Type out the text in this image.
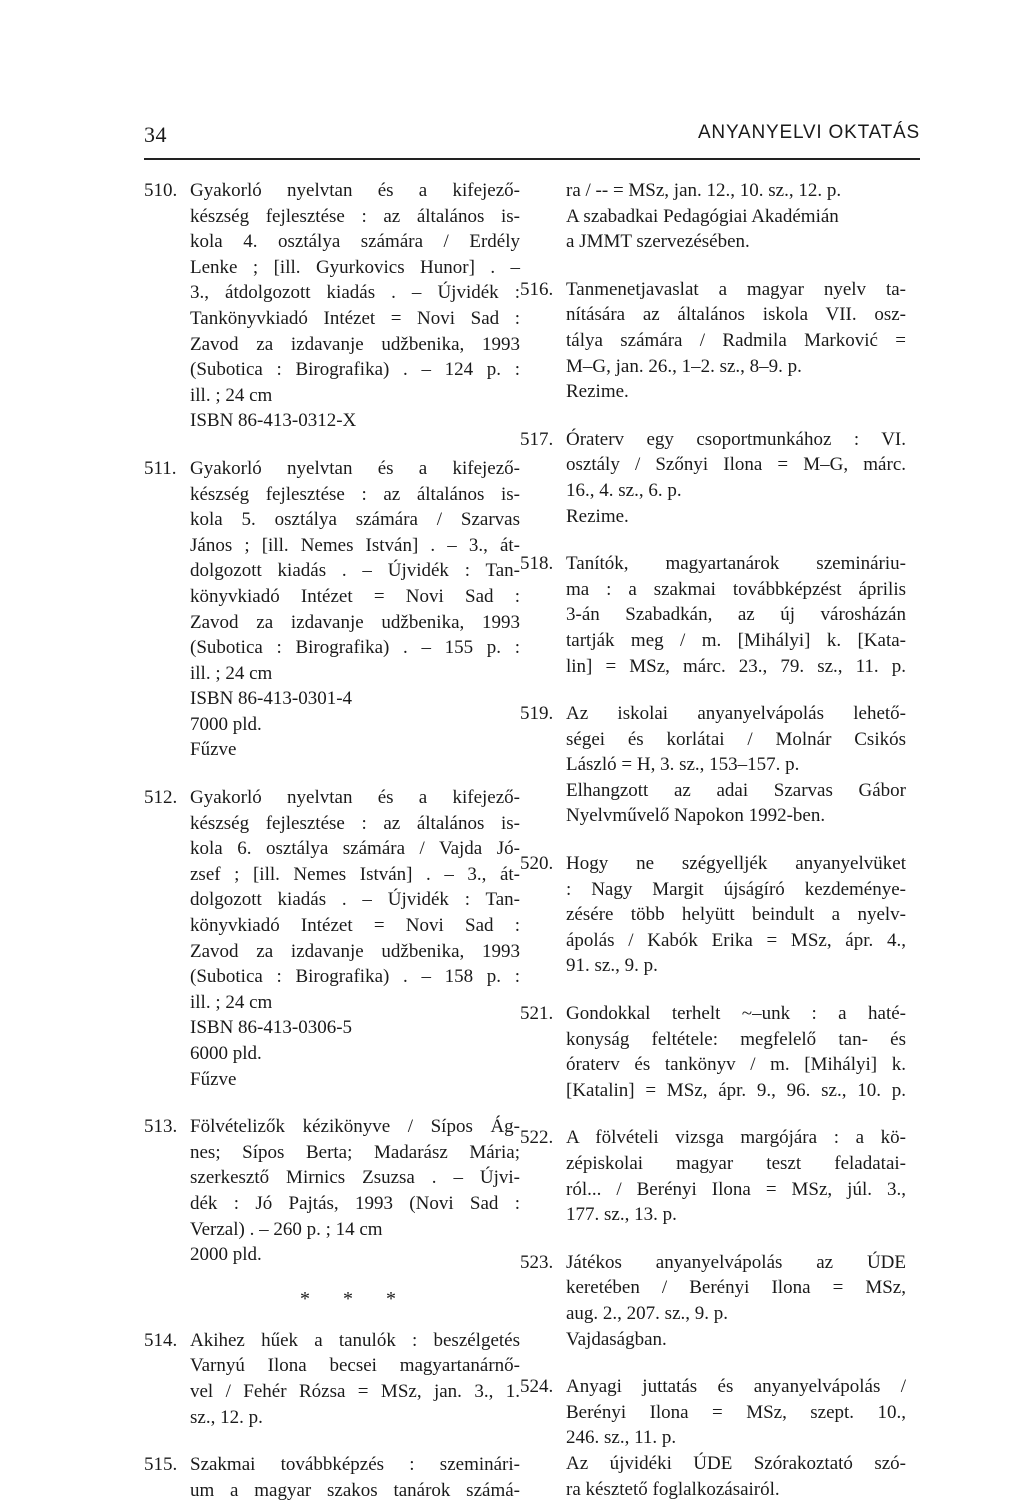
34	ANYANYELVI OKTATÁS
510. Gyakorló nyelvtan és a kifejező-
készség fejlesztése : az általános is-
kola 4. osztálya számára / Erdély
Lenke ; [ill. Gyurkovics Hunor] . –
3., átdolgozott kiadás . – Újvidék :
Tankönyvkiadó Intézet = Novi Sad :
Zavod za izdavanje udžbenika, 1993
(Subotica : Birografika) . – 124 p. :
ill. ; 24 cm
ISBN 86-413-0312-X
511. Gyakorló nyelvtan és a kifejező-
készség fejlesztése : az általános is-
kola 5. osztálya számára / Szarvas
János ; [ill. Nemes István] . – 3., át-
dolgozott kiadás . – Újvidék : Tan-
könyvkiadó Intézet = Novi Sad :
Zavod za izdavanje udžbenika, 1993
(Subotica : Birografika) . – 155 p. :
ill. ; 24 cm
ISBN 86-413-0301-4
7000 pld.
Fűzve
512. Gyakorló nyelvtan és a kifejező-
készség fejlesztése : az általános is-
kola 6. osztálya számára / Vajda Jó-
zsef ; [ill. Nemes István] . – 3., át-
dolgozott kiadás . – Újvidék : Tan-
könyvkiadó Intézet = Novi Sad :
Zavod za izdavanje udžbenika, 1993
(Subotica : Birografika) . – 158 p. :
ill. ; 24 cm
ISBN 86-413-0306-5
6000 pld.
Fűzve
513. Fölvételizők kézikönyve / Sípos Ág-
nes; Sípos Berta; Madarász Mária;
szerkesztő Mirnics Zsuzsa . – Újvi-
dék : Jó Pajtás, 1993 (Novi Sad :
Verzal) . – 260 p. ; 14 cm
2000 pld.
* * *
514. Akihez hűek a tanulók : beszélgetés
Varnyú Ilona becsei magyartanárnő-
vel / Fehér Rózsa = MSz, jan. 3., 1.
sz., 12. p.
515. Szakmai továbbképzés : szeminári-
um a magyar szakos tanárok számá-
ra / -- = MSz, jan. 12., 10. sz., 12. p.
A szabadkai Pedagógiai Akadémián
a JMMT szervezésében.
516. Tanmenetjavaslat a magyar nyelv ta-
nítására az általános iskola VII. osz-
tálya számára / Radmila Marković =
M–G, jan. 26., 1–2. sz., 8–9. p.
Rezime.
517. Óraterv egy csoportmunkához : VI.
osztály / Szőnyi Ilona = M–G, márc.
16., 4. sz., 6. p.
Rezime.
518. Tanítók, magyartanárok szemináriu-
ma : a szakmai továbbképzést április
3-án Szabadkán, az új városházán
tartják meg / m. [Mihályi] k. [Kata-
lin] = MSz, márc. 23., 79. sz., 11. p.
519. Az iskolai anyanyelvápolás lehető-
ségei és korlátai / Molnár Csikós
László = H, 3. sz., 153–157. p.
Elhangzott az adai Szarvas Gábor
Nyelvművelő Napokon 1992-ben.
520. Hogy ne szégyelljék anyanyelvüket
: Nagy Margit újságíró kezdeménye-
zésére több helyütt beindult a nyelv-
ápolás / Kabók Erika = MSz, ápr. 4.,
91. sz., 9. p.
521. Gondokkal terhelt ~–unk : a haté-
konyság feltétele: megfelelő tan- és
óraterv és tankönyv / m. [Mihályi] k.
[Katalin] = MSz, ápr. 9., 96. sz., 10. p.
522. A fölvételi vizsga margójára : a kö-
zépiskolai magyar teszt feladatai-
ról... / Berényi Ilona = MSz, júl. 3.,
177. sz., 13. p.
523. Játékos anyanyelvápolás az ÚDE
keretében / Berényi Ilona = MSz,
aug. 2., 207. sz., 9. p.
Vajdaságban.
524. Anyagi juttatás és anyanyelvápolás /
Berényi Ilona = MSz, szept. 10.,
246. sz., 11. p.
Az újvidéki ÚDE Szórakoztató szó-
ra késztető foglalkozásairól.
